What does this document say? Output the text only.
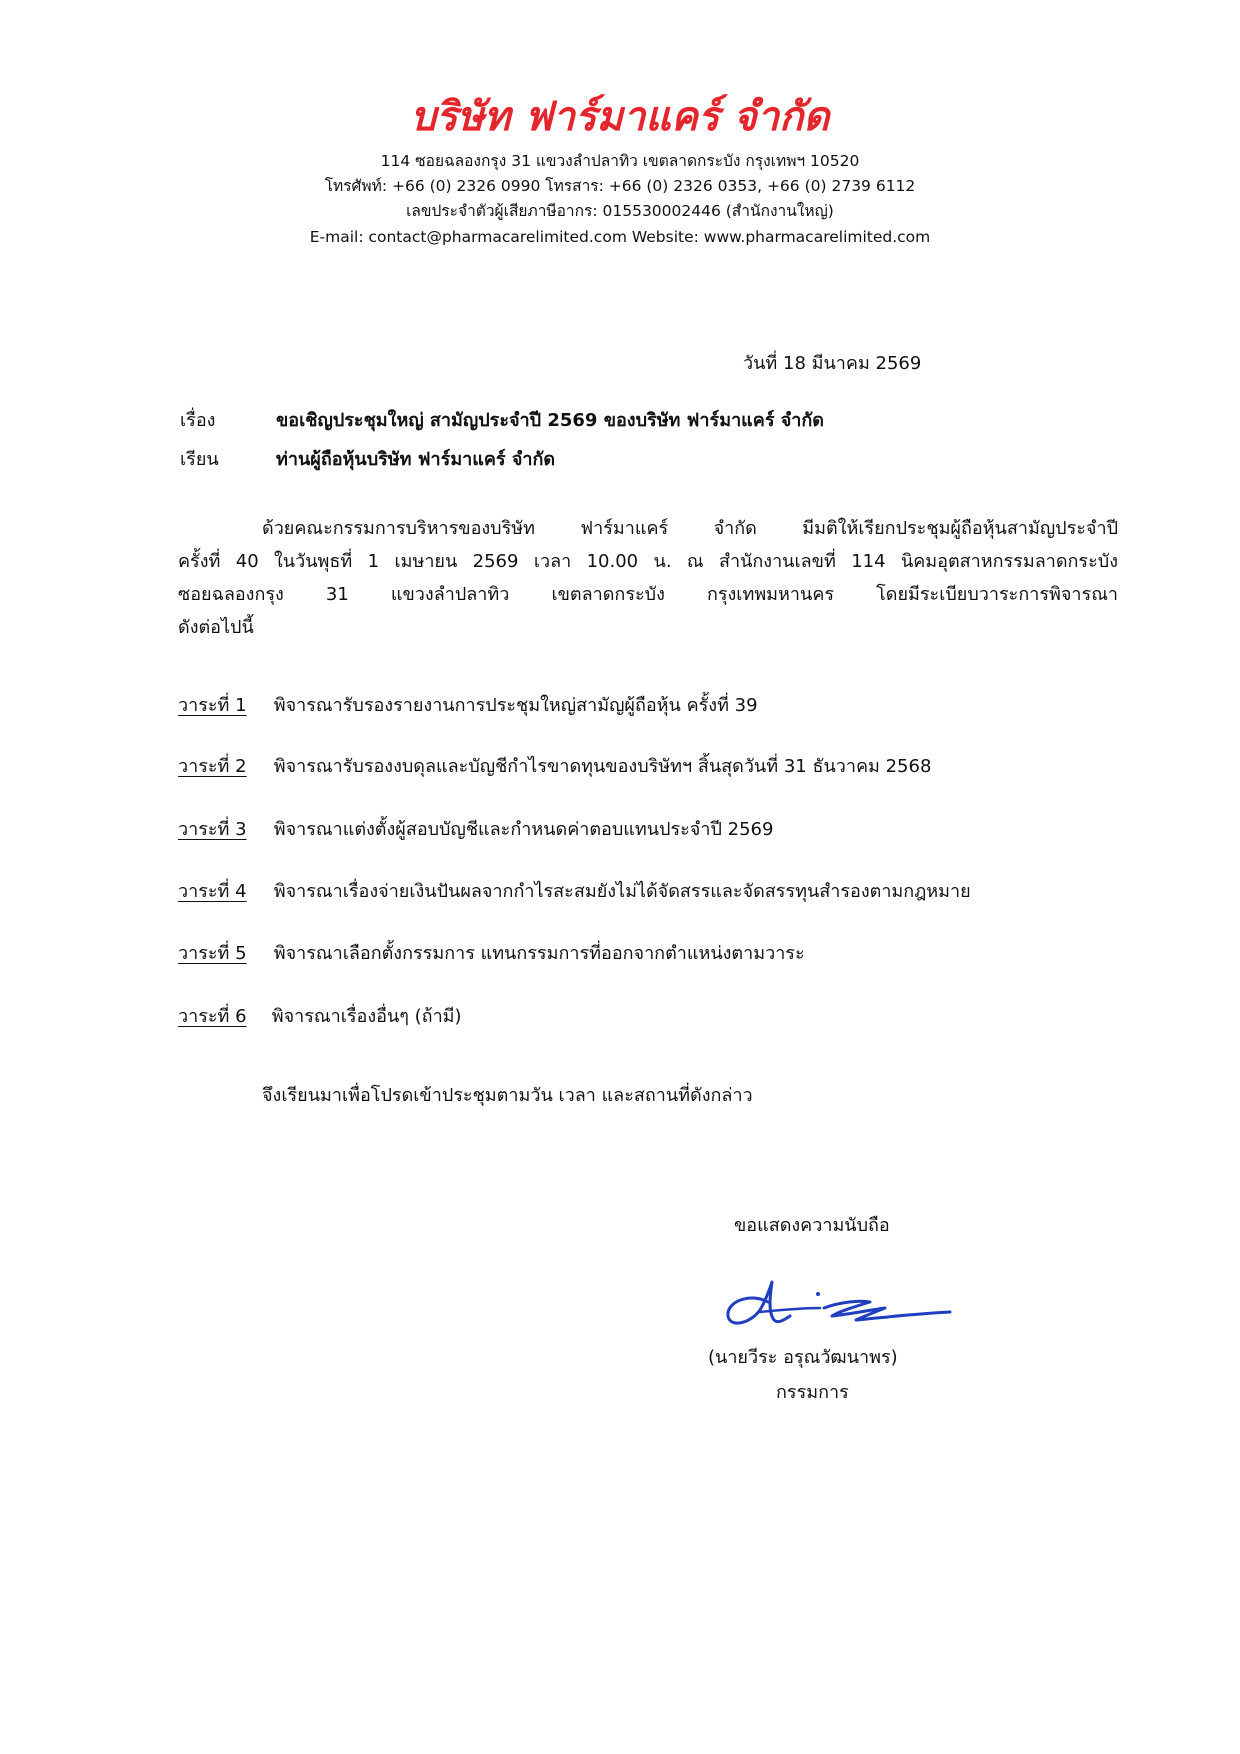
บริษัท ฟาร์มาแคร์ จำกัด
114 ซอยฉลองกรุง 31 แขวงลำปลาทิว เขตลาดกระบัง กรุงเทพฯ 10520
โทรศัพท์: +66 (0) 2326 0990 โทรสาร: +66 (0) 2326 0353, +66 (0) 2739 6112
เลขประจำตัวผู้เสียภาษีอากร: 015530002446 (สำนักงานใหญ่)
E-mail: contact@pharmacarelimited.com Website: www.pharmacarelimited.com
วันที่ 18 มีนาคม 2569
เรื่อง	ขอเชิญประชุมใหญ่ สามัญประจำปี 2569 ของบริษัท ฟาร์มาแคร์ จำกัด
เรียน	ท่านผู้ถือหุ้นบริษัท ฟาร์มาแคร์ จำกัด
ด้วยคณะกรรมการบริหารของบริษัท ฟาร์มาแคร์ จำกัด มีมติให้เรียกประชุมผู้ถือหุ้นสามัญประจำปี
ครั้งที่ 40 ในวันพุธที่ 1 เมษายน 2569 เวลา 10.00 น. ณ สำนักงานเลขที่ 114 นิคมอุตสาหกรรมลาดกระบัง
ซอยฉลองกรุง 31 แขวงลำปลาทิว เขตลาดกระบัง กรุงเทพมหานคร โดยมีระเบียบวาระการพิจารณา
ดังต่อไปนี้
วาระที่ 1 พิจารณารับรองรายงานการประชุมใหญ่สามัญผู้ถือหุ้น ครั้งที่ 39
วาระที่ 2 พิจารณารับรองงบดุลและบัญชีกำไรขาดทุนของบริษัทฯ สิ้นสุดวันที่ 31 ธันวาคม 2568
วาระที่ 3 พิจารณาแต่งตั้งผู้สอบบัญชีและกำหนดค่าตอบแทนประจำปี 2569
วาระที่ 4 พิจารณาเรื่องจ่ายเงินปันผลจากกำไรสะสมยังไม่ได้จัดสรรและจัดสรรทุนสำรองตามกฎหมาย
วาระที่ 5 พิจารณาเลือกตั้งกรรมการ แทนกรรมการที่ออกจากตำแหน่งตามวาระ
วาระที่ 6 พิจารณาเรื่องอื่นๆ (ถ้ามี)
จึงเรียนมาเพื่อโปรดเข้าประชุมตามวัน เวลา และสถานที่ดังกล่าว
ขอแสดงความนับถือ
(นายวีระ อรุณวัฒนาพร)
กรรมการ
